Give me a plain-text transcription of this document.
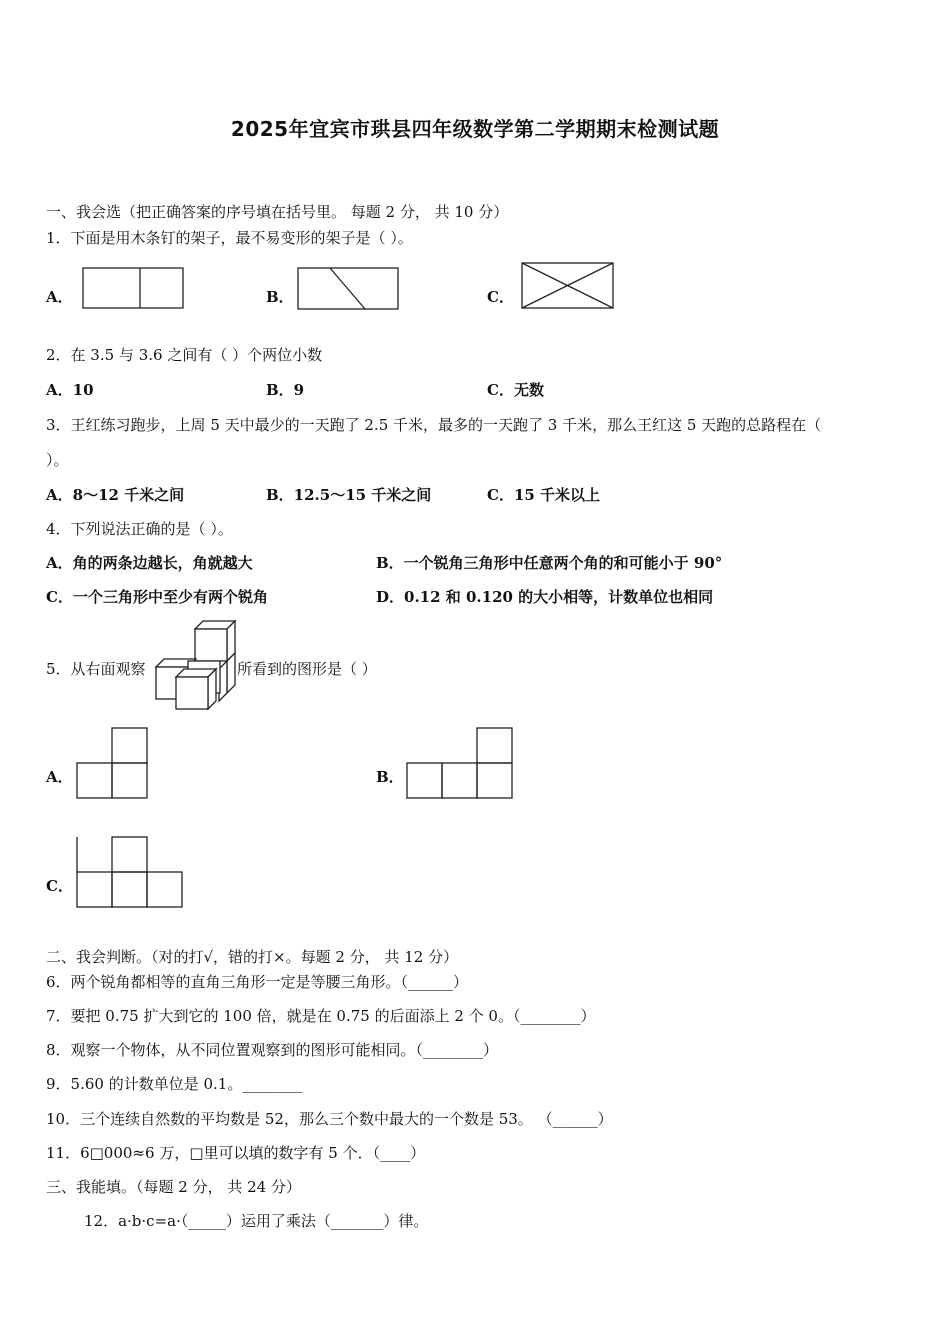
2025年宜宾市珙县四年级数学第二学期期末检测试题
一、我会选（把正确答案的序号填在括号里。 每题 2 分， 共 10 分）
1．下面是用木条钉的架子，最不易变形的架子是（ ）。
A．	B．	C．
2．在 3.5 与 3.6 之间有（ ）个两位小数
A．10	B．9	C．无数
3．王红练习跑步，上周 5 天中最少的一天跑了 2.5 千米，最多的一天跑了 3 千米，那么王红这 5 天跑的总路程在（
）。
A．8～12 千米之间	B．12.5～15 千米之间	C．15 千米以上
4．下列说法正确的是（ ）。
A．角的两条边越长，角就越大	B．一个锐角三角形中任意两个角的和可能小于 90°
C．一个三角形中至少有两个锐角	D．0.12 和 0.120 的大小相等，计数单位也相同
5．从右面观察	所看到的图形是（ ）
A．	B．
C．
二、我会判断。（对的打√，错的打×。每题 2 分， 共 12 分）
6．两个锐角都相等的直角三角形一定是等腰三角形。（______）
7．要把 0.75 扩大到它的 100 倍，就是在 0.75 的后面添上 2 个 0。（________）
8．观察一个物体，从不同位置观察到的图形可能相同。（________）
9．5.60 的计数单位是 0.1。________
10．三个连续自然数的平均数是 52，那么三个数中最大的一个数是 53。 （______）
11．6□000≈6 万，□里可以填的数字有 5 个．（____）
三、我能填。（每题 2 分， 共 24 分）
12．a·b·c=a·（_____）运用了乘法（_______）律。
